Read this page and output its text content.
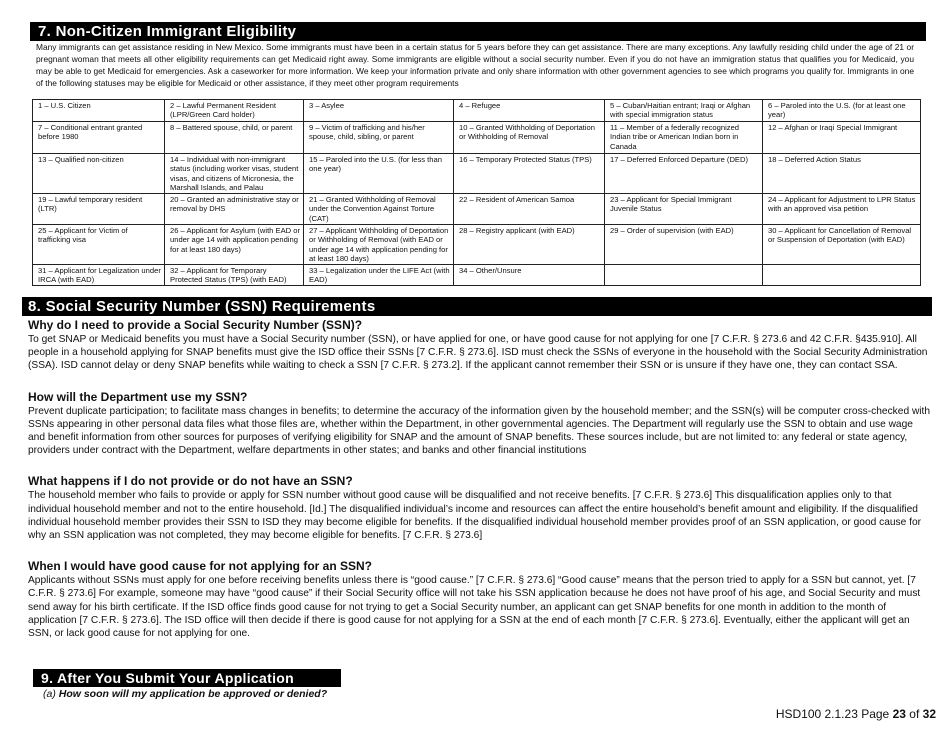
7. Non-Citizen Immigrant Eligibility

Many immigrants can get assistance residing in New Mexico. Some immigrants must have been in a certain status for 5 years before they can get assistance. There are many exceptions. Any lawfully residing child under the age of 21 or pregnant woman that meets all other eligibility requirements can get Medicaid right away. Some immigrants are eligible without a social security number. Even if you do not have an immigration status that qualifies you for Medicaid, you may be able to get Medicaid for emergencies. Ask a caseworker for more information. We keep your information private and only share information with other government agencies to see which programs you qualify for. Immigrants in one of the following statuses may be eligible for Medicaid or other assistance, if they meet other program requirements

1 – U.S. Citizen	2 – Lawful Permanent Resident
(LPR/Green Card holder)	3 – Asylee	4 – Refugee	5 – Cuban/Haitian entrant; Iraqi or Afghan with special immigration status	6 – Paroled into the U.S. (for at least one year)
7 – Conditional entrant granted before 1980	8 – Battered spouse, child, or parent	9 – Victim of trafficking and his/her spouse, child, sibling, or parent	10 – Granted Withholding of Deportation or Withholding of Removal	11 – Member of a federally recognized Indian tribe or American Indian born in Canada	12 – Afghan or Iraqi Special Immigrant
13 – Qualified non-citizen	14 – Individual with non-immigrant status (including worker visas, student visas, and citizens of Micronesia, the Marshall Islands, and Palau	15 – Paroled into the U.S. (for less than one year)	16 – Temporary Protected Status (TPS)	17 – Deferred Enforced Departure (DED)	18 – Deferred Action Status
19 – Lawful temporary resident (LTR)	20 – Granted an administrative stay or removal by DHS	21 – Granted Withholding of Removal under the Convention Against Torture (CAT)	22 – Resident of American Samoa	23 – Applicant for Special Immigrant
Juvenile Status	24 – Applicant for Adjustment to LPR Status with an approved visa petition
25 – Applicant for Victim of trafficking visa	26 – Applicant for Asylum (with EAD or under age 14 with application pending for at least 180 days)	27 – Applicant Withholding of Deportation or Withholding of Removal (with EAD or under age 14 with application pending for at least 180 days)	28 – Registry applicant (with EAD)	29 – Order of supervision (with EAD)	30 – Applicant for Cancellation of Removal or Suspension of Deportation (with EAD)
31 – Applicant for Legalization under IRCA (with EAD)	32 – Applicant for Temporary Protected Status (TPS) (with EAD)	33 – Legalization under the LIFE Act (with EAD)	34 – Other/Unsure		
8. Social Security Number (SSN) Requirements

Why do I need to provide a Social Security Number (SSN)?

To get SNAP or Medicaid benefits you must have a Social Security number (SSN), or have applied for one, or have good cause for not applying for one [7 C.F.R. § 273.6 and 42 C.F.R. §435.910]. All people in a household applying for SNAP benefits must give the ISD office their SSNs [7 C.F.R. § 273.6]. ISD must check the SSNs of everyone in the household with the Social Security Administration (SSA). ISD cannot delay or deny SNAP benefits while waiting to check a SSN [7 C.F.R. § 273.2]. If the applicant cannot remember their SSN or is unsure if they have one, they can contact SSA.

How will the Department use my SSN?

Prevent duplicate participation; to facilitate mass changes in benefits; to determine the accuracy of the information given by the household member; and the SSN(s) will be computer cross-checked with SSNs appearing in other personal data files what those files are, whether within the Department, in other governmental agencies. The Department will regularly use the SSN to obtain and use wage and benefit information from other sources for purposes of verifying eligibility for SNAP and the amount of SNAP benefits. These sources include, but are not limited to: any federal or state agency, providers under contract with the Department, welfare departments in other states; and banks and other financial institutions

What happens if I do not provide or do not have an SSN?

The household member who fails to provide or apply for SSN number without good cause will be disqualified and not receive benefits. [7 C.F.R. § 273.6] This disqualification applies only to that individual household member and not to the entire household. [Id.] The disqualified individual’s income and resources can affect the entire household’s benefit amount and eligibility. If the disqualified individual household member provides their SSN to ISD they may become eligible for benefits. If the disqualified individual household member provides proof of an SSN application, or good cause for why an SSN application was not completed, they may become eligible for benefits. [7 C.F.R. § 273.6]

When I would have good cause for not applying for an SSN?

Applicants without SSNs must apply for one before receiving benefits unless there is “good cause.” [7 C.F.R. § 273.6] “Good cause” means that the person tried to apply for a SSN but cannot, yet. [7 C.F.R. § 273.6] For example, someone may have “good cause” if their Social Security office will not take his SSN application because he does not have proof of his age, and Social Security and must send away for his birth certificate. If the ISD office finds good cause for not trying to get a Social Security number, an applicant can get SNAP benefits for one month in addition to the month of application [7 C.F.R. § 273.6]. The ISD office will then decide if there is good cause for not applying for a SSN at the end of each month [7 C.F.R. § 273.6]. Eventually, either the applicant will get an SSN, or lack good cause for not applying for one.

9. After You Submit Your Application
(a) How soon will my application be approved or denied?
HSD100 2.1.23 Page 23 of 32
